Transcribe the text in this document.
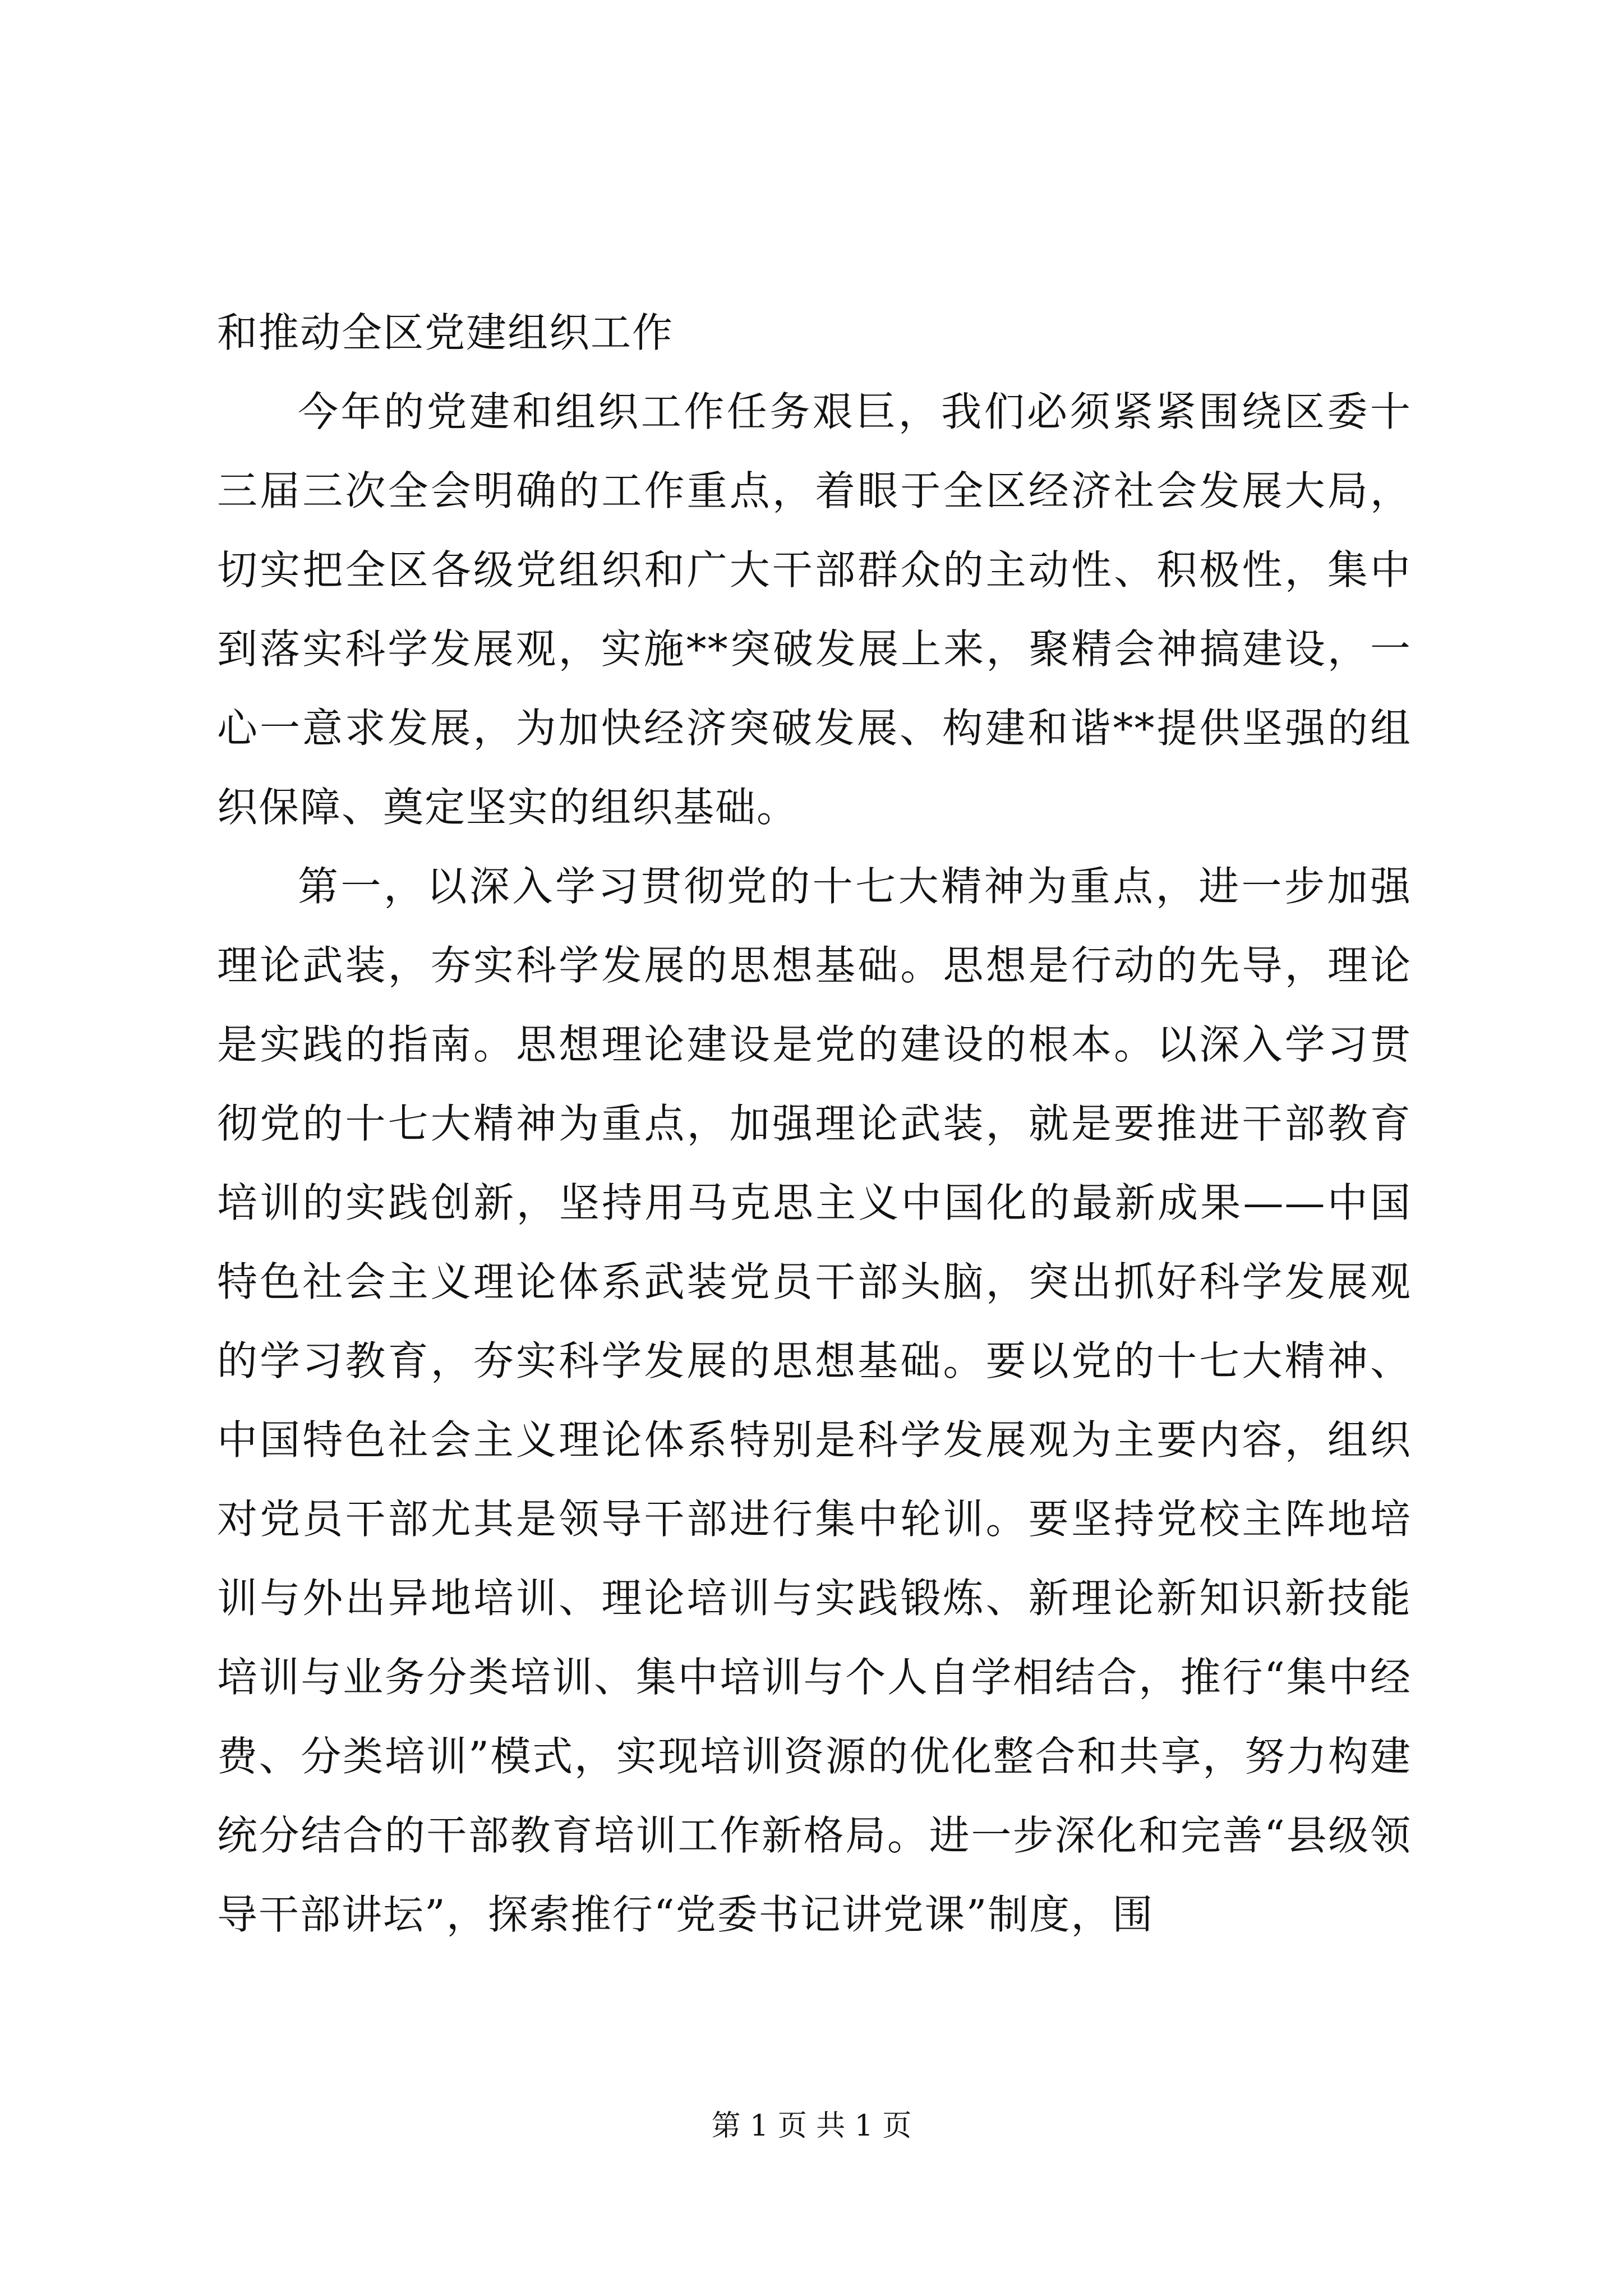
和推动全区党建组织工作

今年的党建和组织工作任务艰巨，我们必须紧紧围绕区委十三届三次全会明确的工作重点，着眼于全区经济社会发展大局，切实把全区各级党组织和广大干部群众的主动性、积极性，集中到落实科学发展观，实施**突破发展上来，聚精会神搞建设，一心一意求发展，为加快经济突破发展、构建和谐**提供坚强的组织保障、奠定坚实的组织基础。

第一，以深入学习贯彻党的十七大精神为重点，进一步加强理论武装，夯实科学发展的思想基础。思想是行动的先导，理论是实践的指南。思想理论建设是党的建设的根本。以深入学习贯彻党的十七大精神为重点，加强理论武装，就是要推进干部教育培训的实践创新，坚持用马克思主义中国化的最新成果——中国特色社会主义理论体系武装党员干部头脑，突出抓好科学发展观的学习教育，夯实科学发展的思想基础。要以党的十七大精神、中国特色社会主义理论体系特别是科学发展观为主要内容，组织对党员干部尤其是领导干部进行集中轮训。要坚持党校主阵地培训与外出异地培训、理论培训与实践锻炼、新理论新知识新技能培训与业务分类培训、集中培训与个人自学相结合，推行“集中经费、分类培训”模式，实现培训资源的优化整合和共享，努力构建统分结合的干部教育培训工作新格局。进一步深化和完善“县级领导干部讲坛”，探索推行“党委书记讲党课”制度，围

第 1 页 共 1 页
